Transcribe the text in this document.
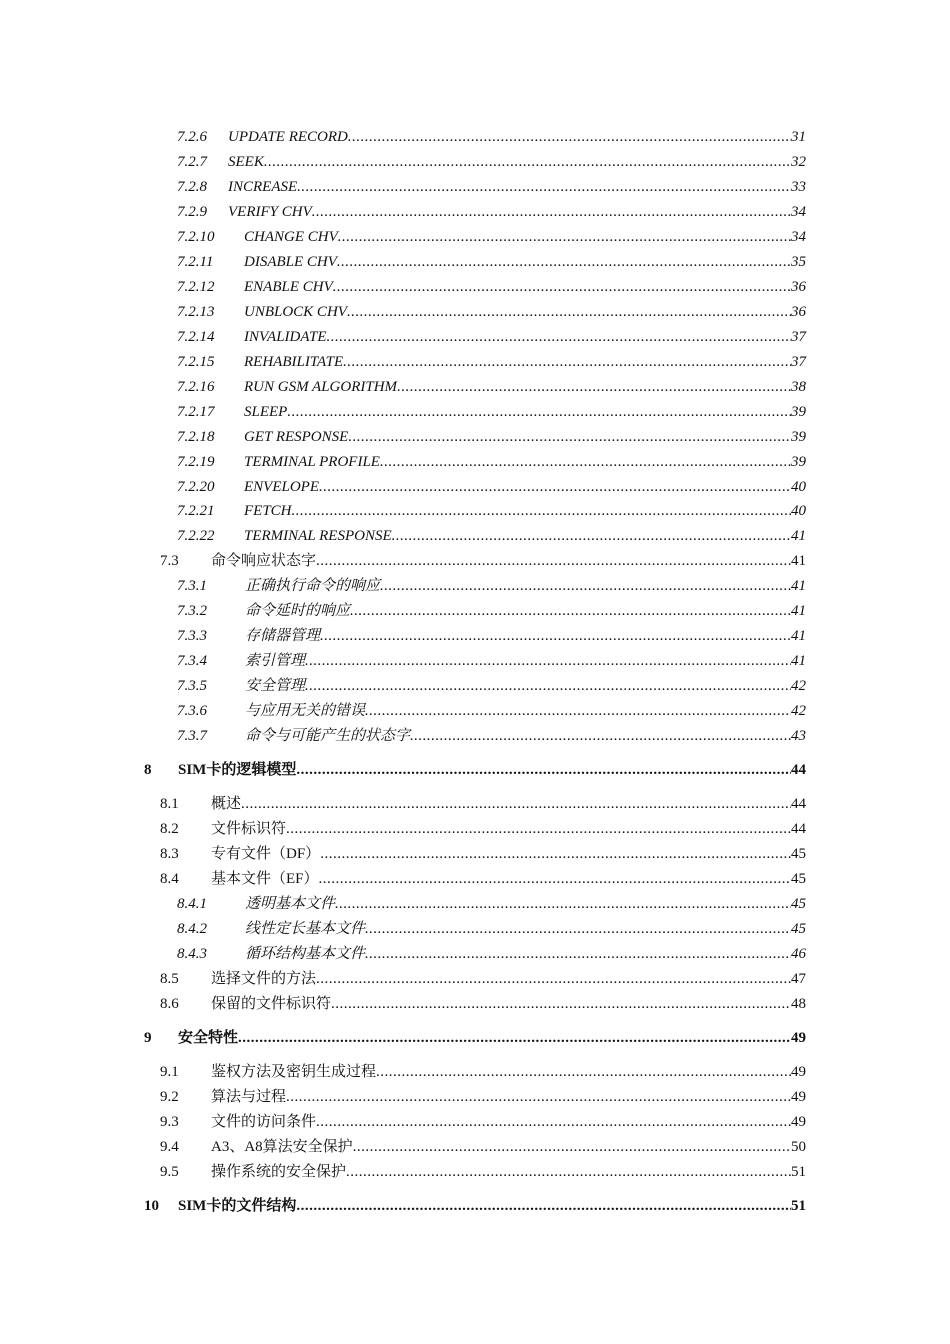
7.2.6	UPDATE RECORD .....	31
7.2.7	SEEK .....	32
7.2.8	INCREASE .....	33
7.2.9	VERIFY CHV .....	34
7.2.10	CHANGE CHV .....	34
7.2.11	DISABLE CHV .....	35
7.2.12	ENABLE CHV .....	36
7.2.13	UNBLOCK CHV .....	36
7.2.14	INVALIDATE .....	37
7.2.15	REHABILITATE .....	37
7.2.16	RUN GSM ALGORITHM .....	38
7.2.17	SLEEP .....	39
7.2.18	GET RESPONSE .....	39
7.2.19	TERMINAL PROFILE .....	39
7.2.20	ENVELOPE .....	40
7.2.21	FETCH .....	40
7.2.22	TERMINAL RESPONSE .....	41
7.3	命令响应状态字 .....	41
7.3.1	正确执行命令的响应 .....	41
7.3.2	命令延时的响应 .....	41
7.3.3	存储器管理 .....	41
7.3.4	索引管理 .....	41
7.3.5	安全管理 .....	42
7.3.6	与应用无关的错误 .....	42
7.3.7	命令与可能产生的状态字 .....	43
8	SIM卡的逻辑模型 .....	44
8.1	概述 .....	44
8.2	文件标识符 .....	44
8.3	专有文件（DF） .....	45
8.4	基本文件（EF） .....	45
8.4.1	透明基本文件 .....	45
8.4.2	线性定长基本文件 .....	45
8.4.3	循环结构基本文件 .....	46
8.5	选择文件的方法 .....	47
8.6	保留的文件标识符 .....	48
9	安全特性 .....	49
9.1	鉴权方法及密钥生成过程 .....	49
9.2	算法与过程 .....	49
9.3	文件的访问条件 .....	49
9.4	A3、A8算法安全保护 .....	50
9.5	操作系统的安全保护 .....	51
10	SIM卡的文件结构 .....	51
